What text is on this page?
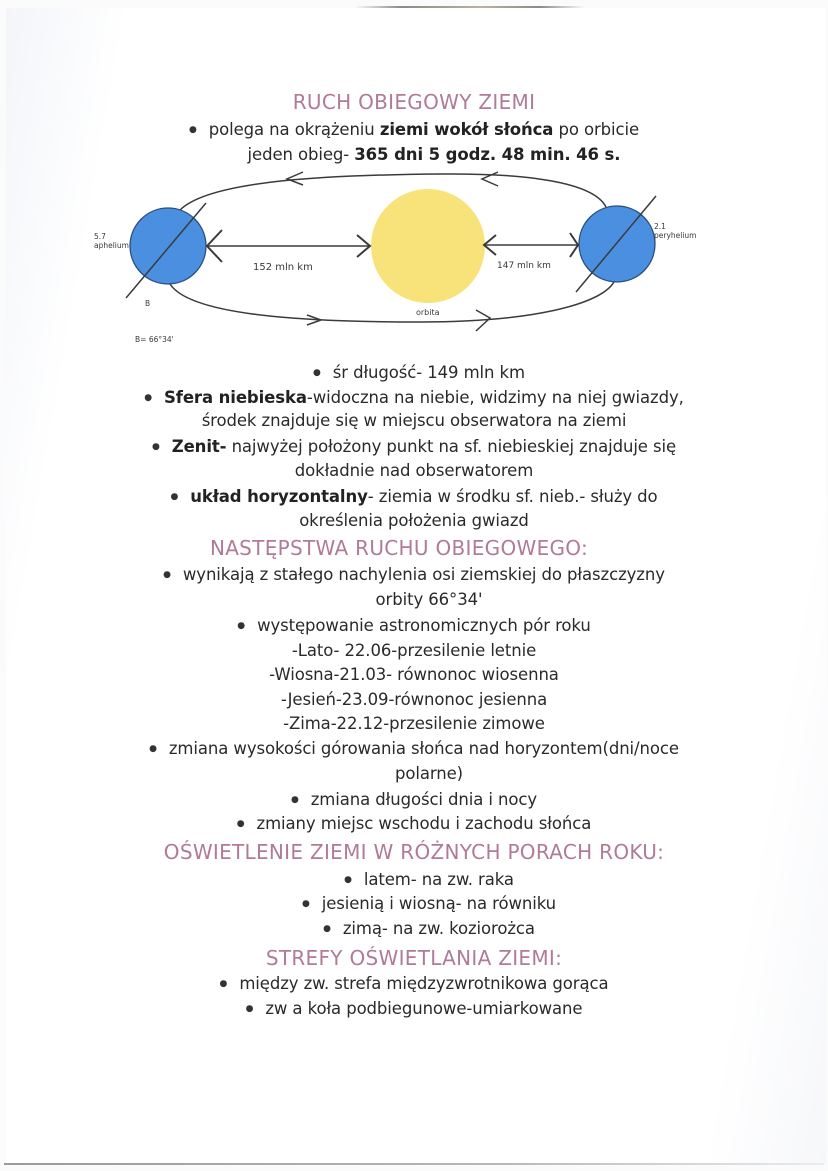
RUCH OBIEGOWY ZIEMI
● polega na okrążeniu ziemi wokół słońca po orbicie
jeden obieg- 365 dni 5 godz. 48 min. 46 s.
5.7
aphelium
2.1
peryhelium
152 mln km	147 mln km
orbita
B
B= 66°34'
● śr długość- 149 mln km
● Sfera niebieska-widoczna na niebie, widzimy na niej gwiazdy,
środek znajduje się w miejscu obserwatora na ziemi
● Zenit- najwyżej położony punkt na sf. niebieskiej znajduje się
dokładnie nad obserwatorem
● układ horyzontalny- ziemia w środku sf. nieb.- służy do
określenia położenia gwiazd
NASTĘPSTWA RUCHU OBIEGOWEGO:
● wynikają z stałego nachylenia osi ziemskiej do płaszczyzny
orbity 66°34'
● występowanie astronomicznych pór roku
-Lato- 22.06-przesilenie letnie
-Wiosna-21.03- równonoc wiosenna
-Jesień-23.09-równonoc jesienna
-Zima-22.12-przesilenie zimowe
● zmiana wysokości górowania słońca nad horyzontem(dni/noce
polarne)
● zmiana długości dnia i nocy
● zmiany miejsc wschodu i zachodu słońca
OŚWIETLENIE ZIEMI W RÓŻNYCH PORACH ROKU:
● latem- na zw. raka
● jesienią i wiosną- na równiku
● zimą- na zw. koziorożca
STREFY OŚWIETLANIA ZIEMI:
● między zw. strefa międzyzwrotnikowa gorąca
● zw a koła podbiegunowe-umiarkowane
